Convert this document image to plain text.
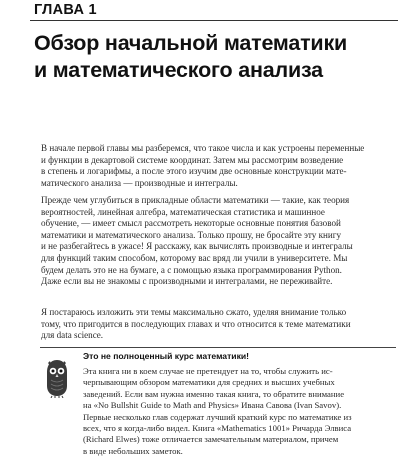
ГЛАВА 1
Обзор начальной математики
и математического анализа
В начале первой главы мы разберемся, что такое числа и как устроены переменные
и функции в декартовой системе координат. Затем мы рассмотрим возведение
в степень и логарифмы, а после этого изучим две основные конструкции мате-
матического анализа — производные и интегралы.
Прежде чем углубиться в прикладные области математики — такие, как теория
вероятностей, линейная алгебра, математическая статистика и машинное
обучение, — имеет смысл рассмотреть некоторые основные понятия базовой
математики и математического анализа. Только прошу, не бросайте эту книгу
и не разбегайтесь в ужасе! Я расскажу, как вычислять производные и интегралы
для функций таким способом, которому вас вряд ли учили в университете. Мы
будем делать это не на бумаге, а с помощью языка программирования Python.
Даже если вы не знакомы с производными и интегралами, не переживайте.
Я постараюсь изложить эти темы максимально сжато, уделяя внимание только
тому, что пригодится в последующих главах и что относится к теме математики
для data science.
Это не полноценный курс математики!
Эта книга ни в коем случае не претендует на то, чтобы служить ис-
черпывающим обзором математики для средних и высших учебных
заведений. Если вам нужна именно такая книга, то обратите внимание
на «No Bullshit Guide to Math and Physics» Ивана Савова (Ivan Savov).
Первые несколько глав содержат лучший краткий курс по математике из
всех, что я когда-либо видел. Книга «Mathematics 1001» Ричарда Элвиса
(Richard Elwes) тоже отличается замечательным материалом, причем
в виде небольших заметок.
